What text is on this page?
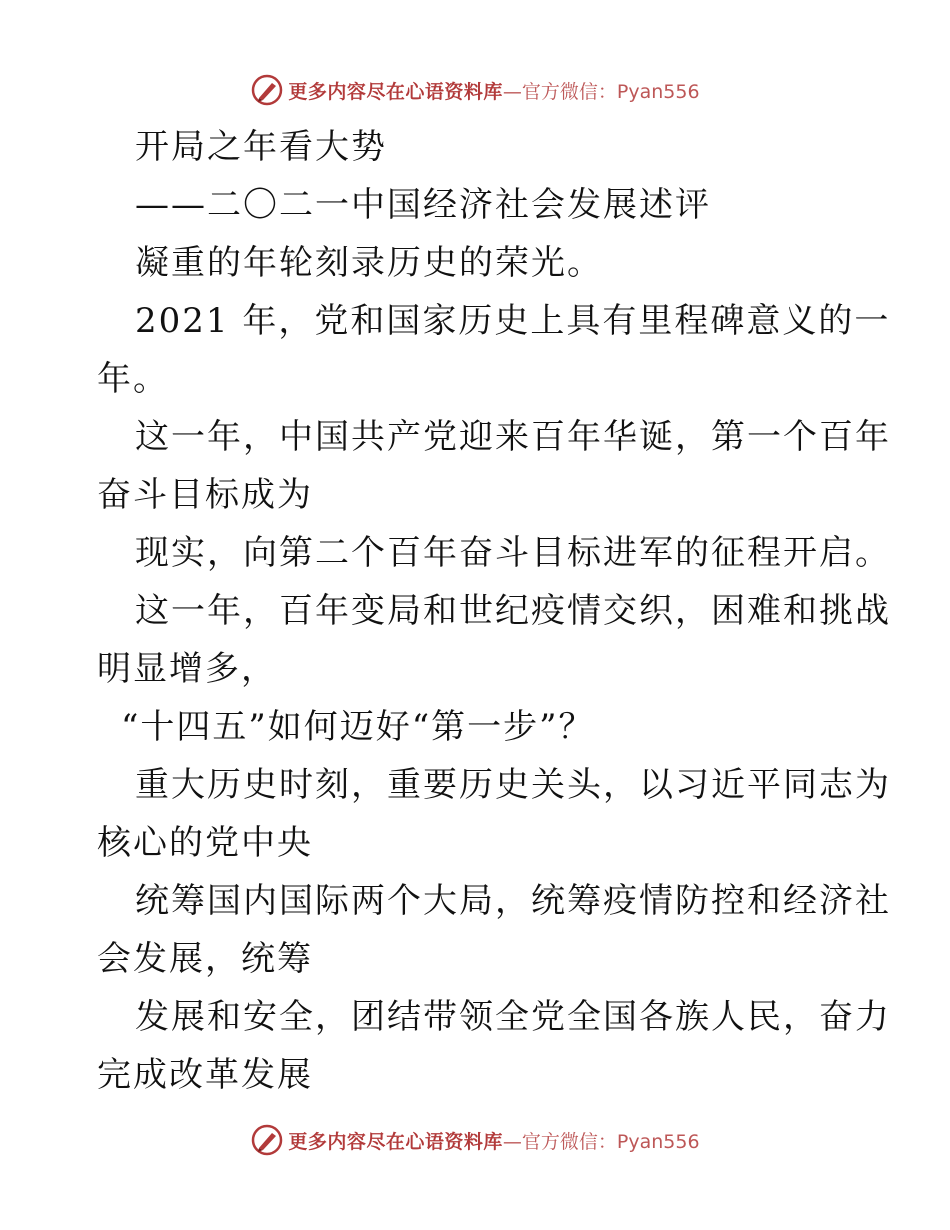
更多内容尽在心语资料库 —官方微信：Pyan556
开局之年看大势
——二〇二一中国经济社会发展述评
凝重的年轮刻录历史的荣光。
2021 年，党和国家历史上具有里程碑意义的一
年。
这一年，中国共产党迎来百年华诞，第一个百年
奋斗目标成为
现实，向第二个百年奋斗目标进军的征程开启。
这一年，百年变局和世纪疫情交织，困难和挑战
明显增多，
“十四五”如何迈好“第一步”？
重大历史时刻，重要历史关头，以习近平同志为
核心的党中央
统筹国内国际两个大局，统筹疫情防控和经济社
会发展，统筹
发展和安全，团结带领全党全国各族人民，奋力
完成改革发展
更多内容尽在心语资料库 —官方微信：Pyan556
